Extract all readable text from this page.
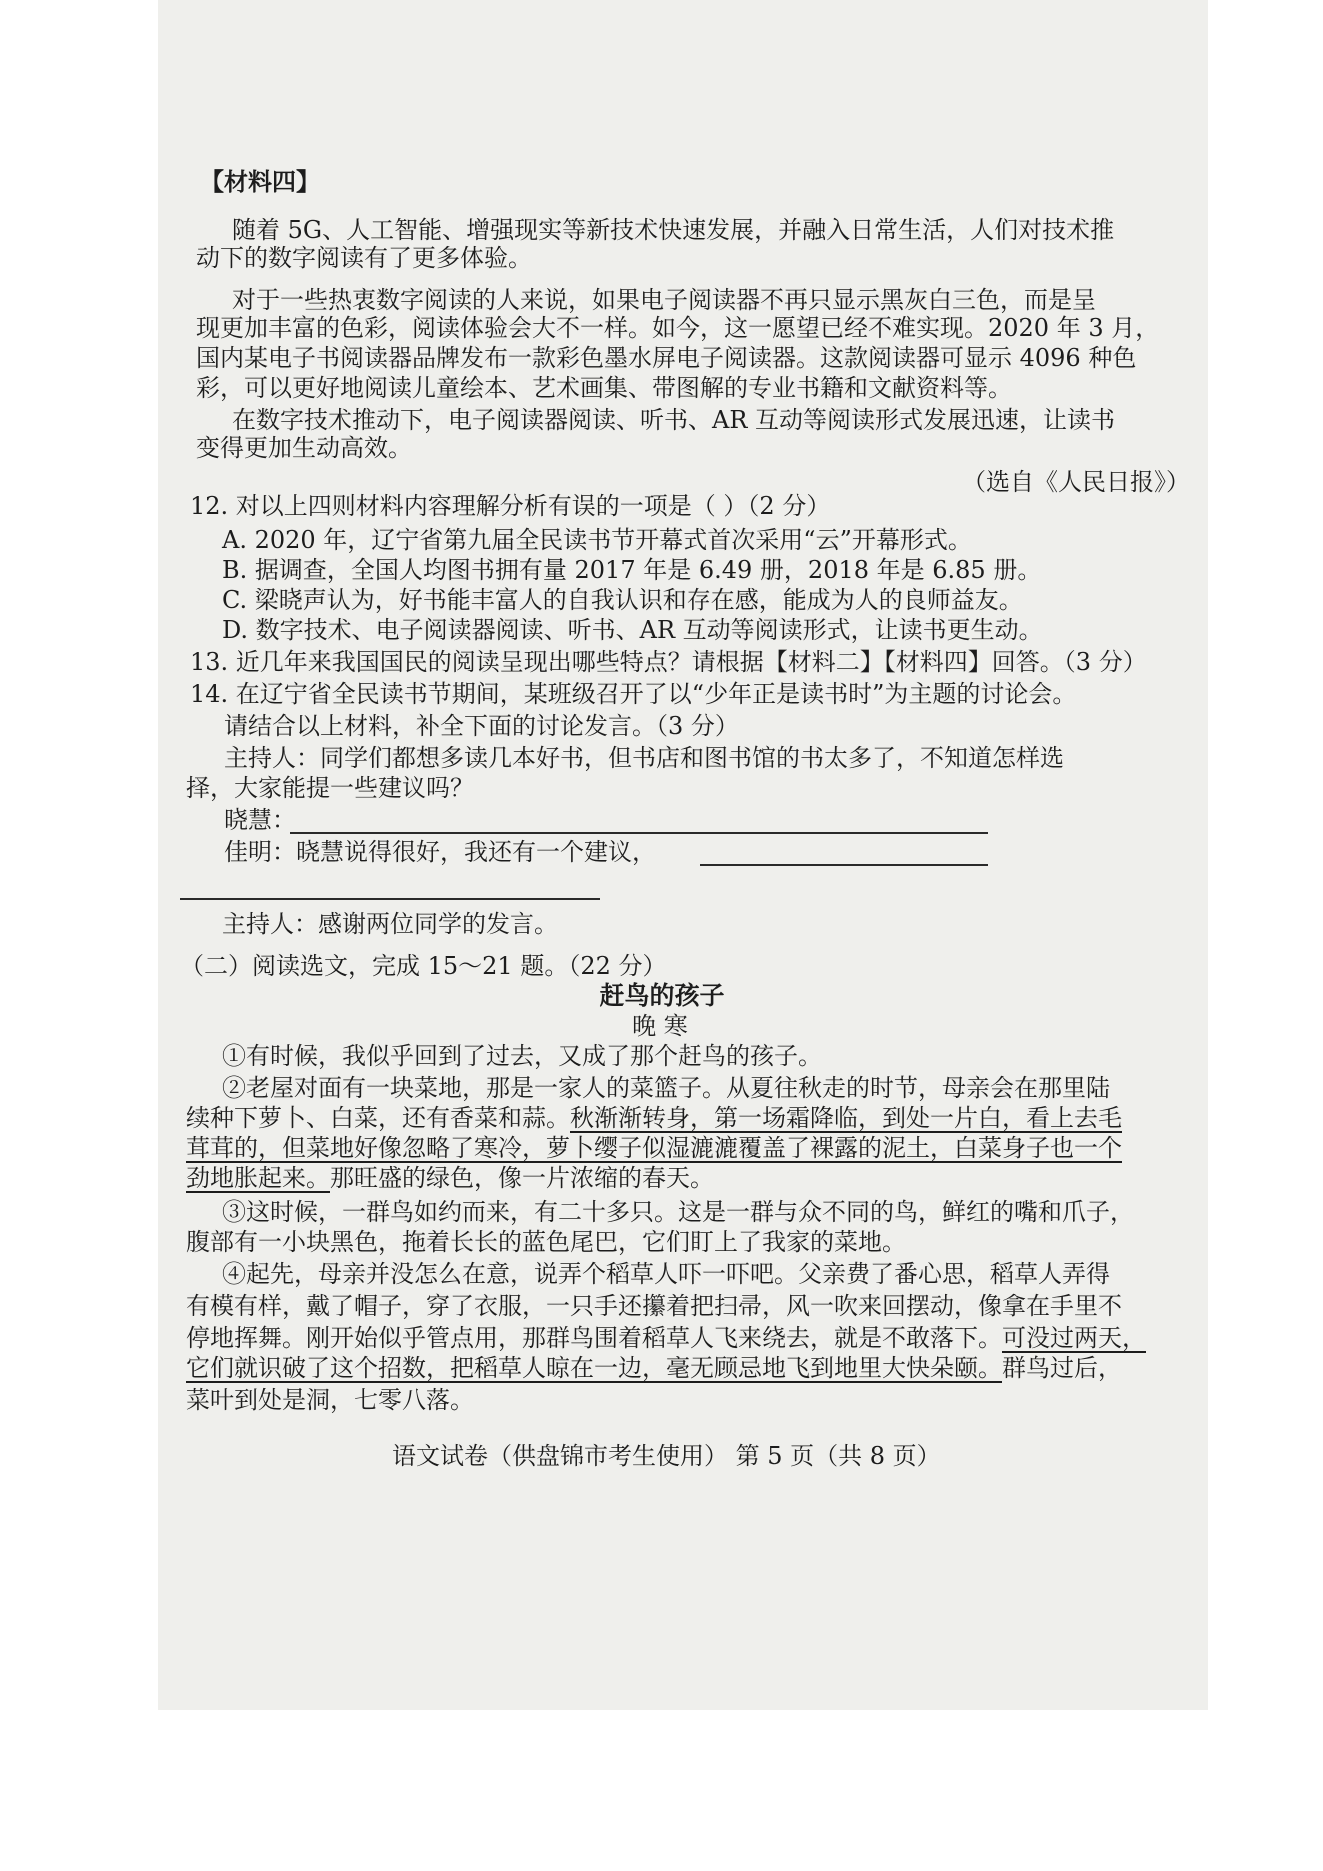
【材料四】
随着 5G、人工智能、增强现实等新技术快速发展，并融入日常生活，人们对技术推
动下的数字阅读有了更多体验。
对于一些热衷数字阅读的人来说，如果电子阅读器不再只显示黑灰白三色，而是呈
现更加丰富的色彩，阅读体验会大不一样。如今，这一愿望已经不难实现。2020 年 3 月，
国内某电子书阅读器品牌发布一款彩色墨水屏电子阅读器。这款阅读器可显示 4096 种色
彩，可以更好地阅读儿童绘本、艺术画集、带图解的专业书籍和文献资料等。
在数字技术推动下，电子阅读器阅读、听书、AR 互动等阅读形式发展迅速，让读书
变得更加生动高效。
（选自《人民日报》）
12. 对以上四则材料内容理解分析有误的一项是（ ）（2 分）
A. 2020 年，辽宁省第九届全民读书节开幕式首次采用“云”开幕形式。
B. 据调查，全国人均图书拥有量 2017 年是 6.49 册，2018 年是 6.85 册。
C. 梁晓声认为，好书能丰富人的自我认识和存在感，能成为人的良师益友。
D. 数字技术、电子阅读器阅读、听书、AR 互动等阅读形式，让读书更生动。
13. 近几年来我国国民的阅读呈现出哪些特点？请根据【材料二】【材料四】回答。（3 分）
14. 在辽宁省全民读书节期间，某班级召开了以“少年正是读书时”为主题的讨论会。
请结合以上材料，补全下面的讨论发言。（3 分）
主持人：同学们都想多读几本好书，但书店和图书馆的书太多了，不知道怎样选
择，大家能提一些建议吗？
晓慧：
佳明：晓慧说得很好，我还有一个建议，
主持人：感谢两位同学的发言。
（二）阅读选文，完成 15～21 题。（22 分）
赶鸟的孩子
晚 寒
①有时候，我似乎回到了过去，又成了那个赶鸟的孩子。
②老屋对面有一块菜地，那是一家人的菜篮子。从夏往秋走的时节，母亲会在那里陆
续种下萝卜、白菜，还有香菜和蒜。秋渐渐转身，第一场霜降临，到处一片白，看上去毛
茸茸的，但菜地好像忽略了寒冷，萝卜缨子似湿漉漉覆盖了裸露的泥土，白菜身子也一个
劲地胀起来。那旺盛的绿色，像一片浓缩的春天。
③这时候，一群鸟如约而来，有二十多只。这是一群与众不同的鸟，鲜红的嘴和爪子，
腹部有一小块黑色，拖着长长的蓝色尾巴，它们盯上了我家的菜地。
④起先，母亲并没怎么在意，说弄个稻草人吓一吓吧。父亲费了番心思，稻草人弄得
有模有样，戴了帽子，穿了衣服，一只手还攥着把扫帚，风一吹来回摆动，像拿在手里不
停地挥舞。刚开始似乎管点用，那群鸟围着稻草人飞来绕去，就是不敢落下。可没过两天，
它们就识破了这个招数，把稻草人晾在一边，毫无顾忌地飞到地里大快朵颐。群鸟过后，
菜叶到处是洞，七零八落。
语文试卷（供盘锦市考生使用） 第 5 页（共 8 页）
